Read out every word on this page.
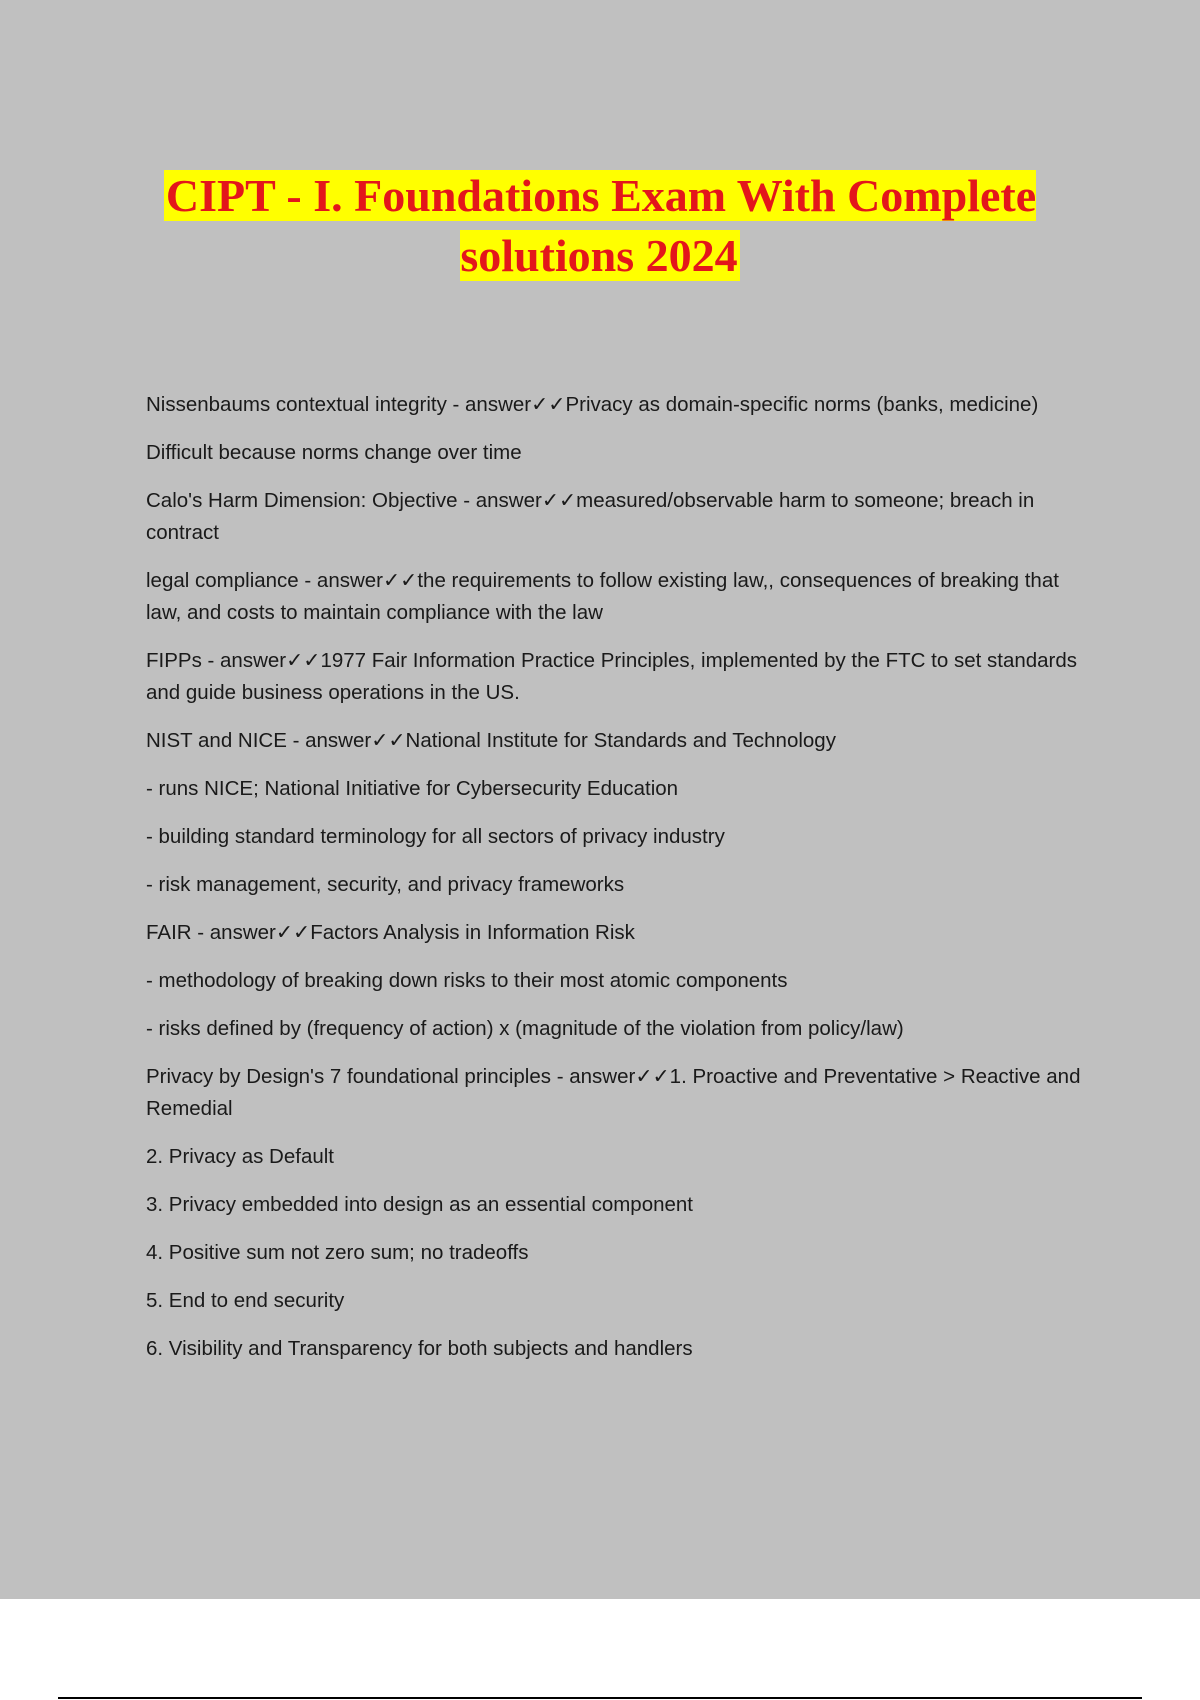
CIPT - I. Foundations Exam With Complete solutions 2024

Nissenbaums contextual integrity - answer✓✓Privacy as domain-specific norms (banks, medicine)

Difficult because norms change over time

Calo's Harm Dimension: Objective - answer✓✓measured/observable harm to someone; breach in contract

legal compliance - answer✓✓the requirements to follow existing law,, consequences of breaking that law, and costs to maintain compliance with the law

FIPPs - answer✓✓1977 Fair Information Practice Principles, implemented by the FTC to set standards and guide business operations in the US.

NIST and NICE - answer✓✓National Institute for Standards and Technology

- runs NICE; National Initiative for Cybersecurity Education

- building standard terminology for all sectors of privacy industry

- risk management, security, and privacy frameworks

FAIR - answer✓✓Factors Analysis in Information Risk

- methodology of breaking down risks to their most atomic components

- risks defined by (frequency of action) x (magnitude of the violation from policy/law)

Privacy by Design's 7 foundational principles - answer✓✓1. Proactive and Preventative > Reactive and Remedial

2. Privacy as Default

3. Privacy embedded into design as an essential component

4. Positive sum not zero sum; no tradeoffs

5. End to end security

6. Visibility and Transparency for both subjects and handlers
